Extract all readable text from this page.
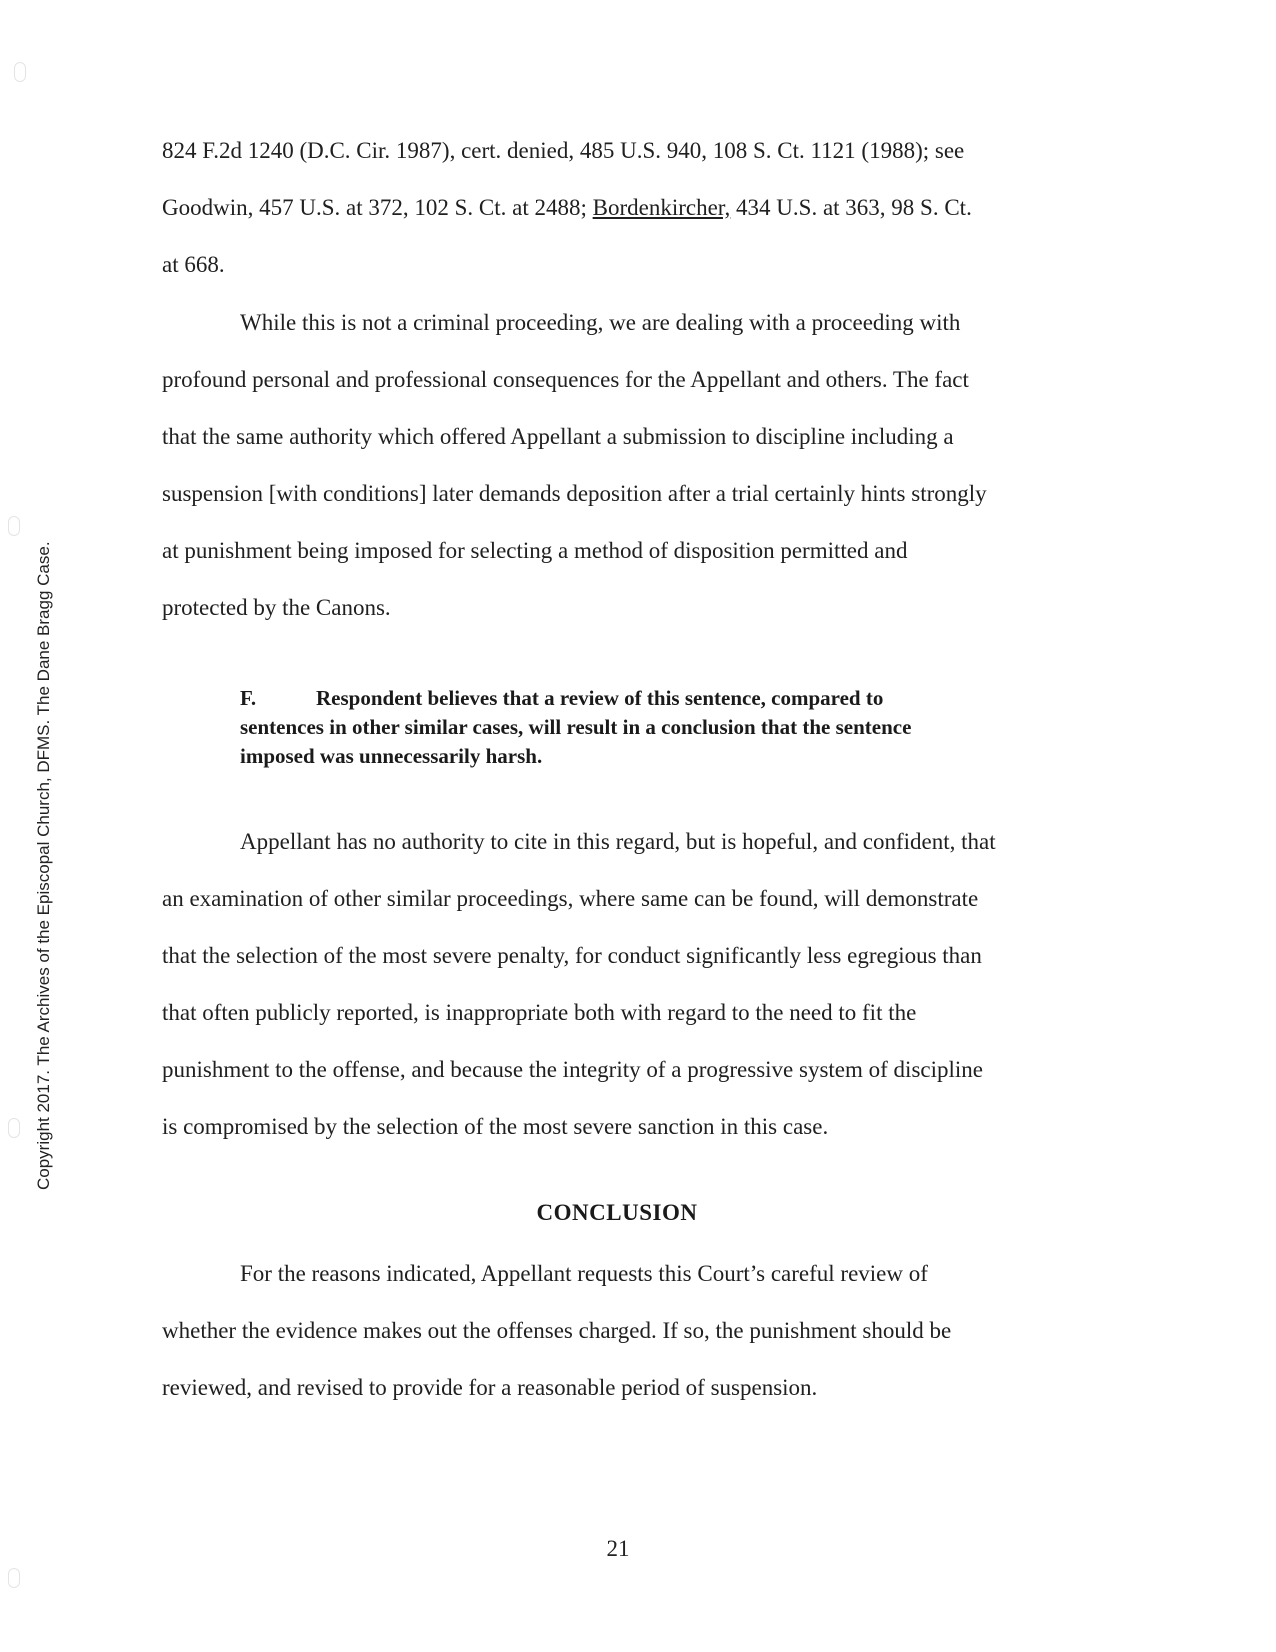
Copyright 2017. The Archives of the Episcopal Church, DFMS. The Dane Bragg Case.
824 F.2d 1240 (D.C. Cir. 1987), cert. denied, 485 U.S. 940, 108 S. Ct. 1121 (1988); see
Goodwin, 457 U.S. at 372, 102 S. Ct. at 2488; Bordenkircher, 434 U.S. at 363, 98 S. Ct.
at 668.
While this is not a criminal proceeding, we are dealing with a proceeding with
profound personal and professional consequences for the Appellant and others. The fact
that the same authority which offered Appellant a submission to discipline including a
suspension [with conditions] later demands deposition after a trial certainly hints strongly
at punishment being imposed for selecting a method of disposition permitted and
protected by the Canons.
F.	Respondent believes that a review of this sentence, compared to
sentences in other similar cases, will result in a conclusion that the sentence
imposed was unnecessarily harsh.
Appellant has no authority to cite in this regard, but is hopeful, and confident, that
an examination of other similar proceedings, where same can be found, will demonstrate
that the selection of the most severe penalty, for conduct significantly less egregious than
that often publicly reported, is inappropriate both with regard to the need to fit the
punishment to the offense, and because the integrity of a progressive system of discipline
is compromised by the selection of the most severe sanction in this case.
CONCLUSION
For the reasons indicated, Appellant requests this Court’s careful review of
whether the evidence makes out the offenses charged. If so, the punishment should be
reviewed, and revised to provide for a reasonable period of suspension.
21
